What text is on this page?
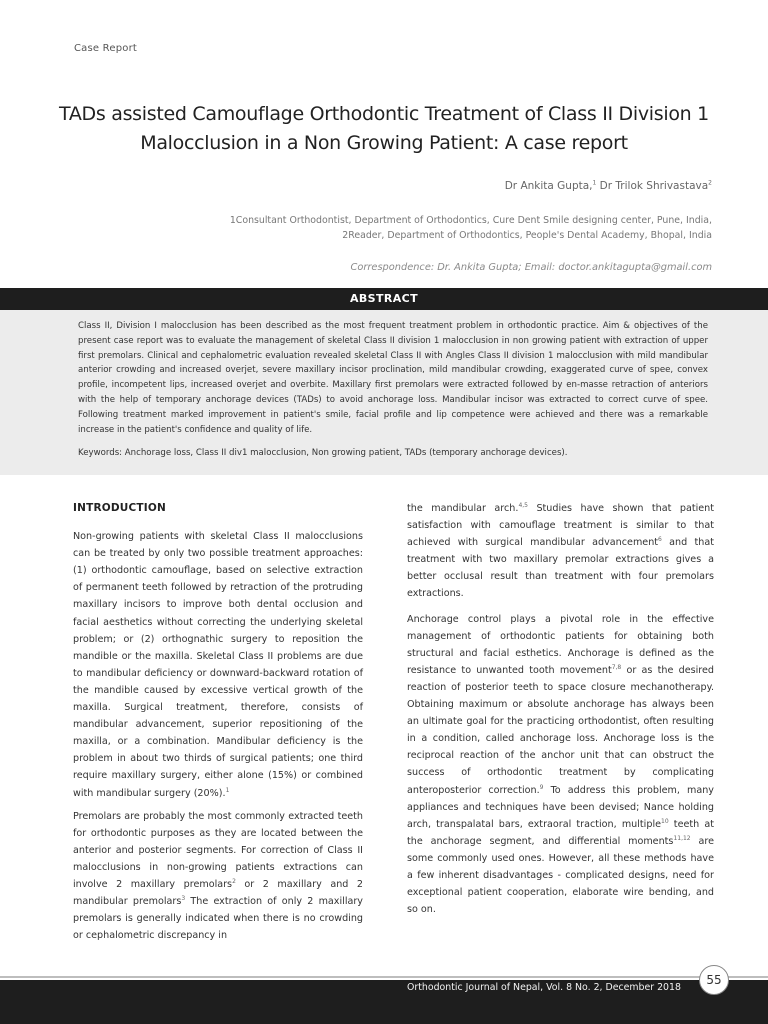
Case Report
TADs assisted Camouflage Orthodontic Treatment of Class II Division 1
Malocclusion in a Non Growing Patient: A case report
Dr Ankita Gupta,$^1$ Dr Trilok Shrivastava$^2$
1Consultant Orthodontist, Department of Orthodontics, Cure Dent Smile designing center, Pune, India,
2Reader, Department of Orthodontics, People's Dental Academy, Bhopal, India
Correspondence: Dr. Ankita Gupta; Email: doctor.ankitagupta@gmail.com
ABSTRACT

Class II, Division I malocclusion has been described as the most frequent treatment problem in orthodontic practice. Aim & objectives of the present case report was to evaluate the management of skeletal Class II division 1 malocclusion in non growing patient with extraction of upper first premolars. Clinical and cephalometric evaluation revealed skeletal Class II with Angles Class II division 1 malocclusion with mild mandibular anterior crowding and increased overjet, severe maxillary incisor proclination, mild mandibular crowding, exaggerated curve of spee, convex profile, incompetent lips, increased overjet and overbite. Maxillary first premolars were extracted followed by en-masse retraction of anteriors with the help of temporary anchorage devices (TADs) to avoid anchorage loss. Mandibular incisor was extracted to correct curve of spee. Following treatment marked improvement in patient's smile, facial profile and lip competence were achieved and there was a remarkable increase in the patient's confidence and quality of life.

Keywords: Anchorage loss, Class II div1 malocclusion, Non growing patient, TADs (temporary anchorage devices).

INTRODUCTION

Non-growing patients with skeletal Class II malocclusions can be treated by only two possible treatment approaches: (1) orthodontic camouflage, based on selective extraction of permanent teeth followed by retraction of the protruding maxillary incisors to improve both dental occlusion and facial aesthetics without correcting the underlying skeletal problem; or (2) orthognathic surgery to reposition the mandible or the maxilla. Skeletal Class II problems are due to mandibular deficiency or downward-backward rotation of the mandible caused by excessive vertical growth of the maxilla. Surgical treatment, therefore, consists of mandibular advancement, superior repositioning of the maxilla, or a combination. Mandibular deficiency is the problem in about two thirds of surgical patients; one third require maxillary surgery, either alone (15%) or combined with mandibular surgery (20%).$^1$

Premolars are probably the most commonly extracted teeth for orthodontic purposes as they are located between the anterior and posterior segments. For correction of Class II malocclusions in non-growing patients extractions can involve 2 maxillary premolars$^2$ or 2 maxillary and 2 mandibular premolars$^3$ The extraction of only 2 maxillary premolars is generally indicated when there is no crowding or cephalometric discrepancy in

the mandibular arch.$^{4,5}$ Studies have shown that patient satisfaction with camouflage treatment is similar to that achieved with surgical mandibular advancement$^6$ and that treatment with two maxillary premolar extractions gives a better occlusal result than treatment with four premolars extractions.

Anchorage control plays a pivotal role in the effective management of orthodontic patients for obtaining both structural and facial esthetics. Anchorage is defined as the resistance to unwanted tooth movement$^{7,8}$ or as the desired reaction of posterior teeth to space closure mechanotherapy. Obtaining maximum or absolute anchorage has always been an ultimate goal for the practicing orthodontist, often resulting in a condition, called anchorage loss. Anchorage loss is the reciprocal reaction of the anchor unit that can obstruct the success of orthodontic treatment by complicating anteroposterior correction.$^9$ To address this problem, many appliances and techniques have been devised; Nance holding arch, transpalatal bars, extraoral traction, multiple$^{10}$ teeth at the anchorage segment, and differential moments$^{11,12}$ are some commonly used ones. However, all these methods have a few inherent disadvantages - complicated designs, need for exceptional patient cooperation, elaborate wire bending, and so on.

Orthodontic Journal of Nepal, Vol. 8 No. 2, December 2018
55
